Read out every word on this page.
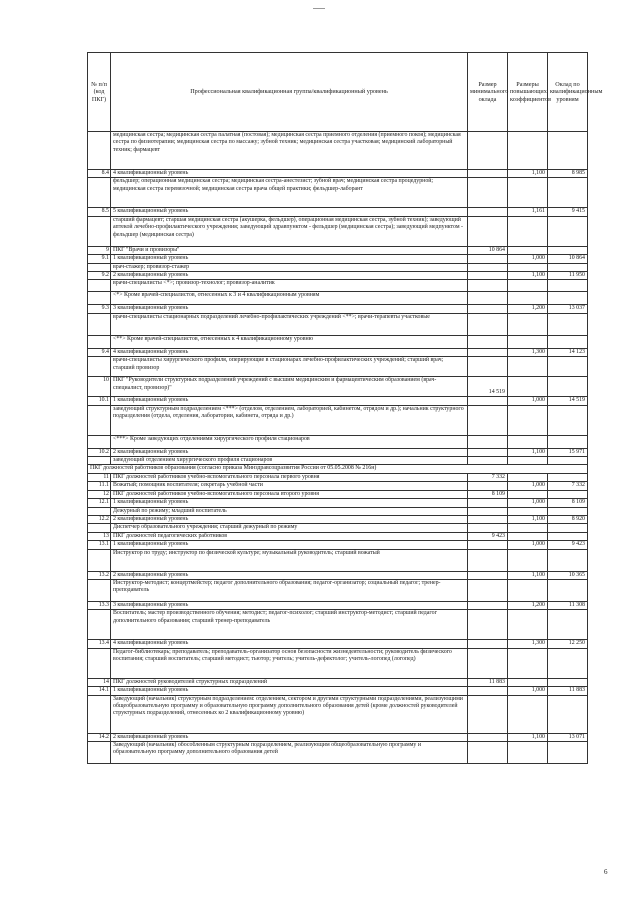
№ п/п (код ПКГ)	Профессиональная квалификационная группа/квалификационный уровень	Размер минимального оклада	Размеры повышающих коэффициентов	Оклад по квалификационным уровням
	медицинская сестра; медицинская сестра палатная (постовая); медицинская сестра приемного отделения (приемного покоя); медицинская сестра по физиотерапии; медицинская сестра по массажу; зубной техник; медицинская сестра участковая; медицинский лабораторный техник; фармацевт			
8.4	4 квалификационный уровень		1,100	8 985
	фельдшер; операционная медицинская сестра; медицинская сестра-анестезист; зубной врач; медицинская сестра процедурной; медицинская сестра перевязочной; медицинская сестра врача общей практики; фельдшер-лаборант			
8.5	5 квалификационный уровень		1,161	9 415
	старший фармацевт; старшая медицинская сестра (акушерка, фельдшер), операционная медицинская сестра, зубной техник); заведующий аптекой лечебно-профилактического учреждения; заведующий здравпунктом - фельдшер (медицинская сестра); заведующий медпунктом - фельдшер (медицинская сестра)			
9	ПКГ "Врачи и провизоры"	10 864		
9.1	1 квалификационный уровень		1,000	10 864
	врач-стажер; провизор-стажер			
9.2	2 квалификационный уровень		1,100	11 950
	врачи-специалисты <*>; провизор-технолог; провизор-аналитик			
	<*> Кроме врачей-специалистов, отнесенных к 3 и 4 квалификационным уровням			
9.3	3 квалификационный уровень		1,200	13 037
	врачи-специалисты стационарных подразделений лечебно-профилактических учреждений <**>; врачи-терапевты участковые			
	<**> Кроме врачей-специалистов, отнесенных к 4 квалификационному уровню			
9.4	4 квалификационный уровень		1,300	14 123
	врачи-специалисты хирургического профиля, оперирующие в стационарах лечебно-профилактических учреждений; старший врач; старший провизор			
10	ПКГ "Руководители структурных подразделений учреждений с высшим медицинским и фармацевтическим образованием (врач-специалист, провизор)"	14 519		
10.1	1 квалификационный уровень		1,000	14 519
	заведующий структурным подразделением <***> (отделом, отделением, лабораторией, кабинетом, отрядом и др.); начальник структурного подразделения (отдела, отделения, лаборатории, кабинета, отряда и др.)			
	<***> Кроме заведующих отделениями хирургического профиля стационаров			
10.2	2 квалификационный уровень		1,100	15 971
	заведующий отделением хирургического профиля стационаров			
ПКГ должностей работников образования (согласно приказа Минздравсоцразвития России от 05.05.2008 № 216н)				
11	ПКГ должностей работников учебно-вспомогательного персонала первого уровня	7 332		
11.1	Вожатый; помощник воспитателя; секретарь учебной части		1,000	7 332
12	ПКГ должностей работников учебно-вспомогательного персонала второго уровня	8 109		
12.1	1 квалификационный уровень		1,000	8 109
	Дежурный по режиму; младший воспитатель			
12.2	2 квалификационный уровень		1,100	8 920
	Диспетчер образовательного учреждения; старший дежурный по режиму			
13	ПКГ должностей педагогических работников	9 423		
13.1	1 квалификационный уровень		1,000	9 423
	Инструктор по труду; инструктор по физической культуре; музыкальный руководитель; старший вожатый			
13.2	2 квалификационный уровень		1,100	10 365
	Инструктор-методист; концертмейстер; педагог дополнительного образования; педагог-организатор; социальный педагог; тренер-преподаватель			
13.3	3 квалификационный уровень		1,200	11 308
	Воспитатель; мастер производственного обучения; методист; педагог-психолог; старший инструктор-методист; старший педагог дополнительного образования; старший тренер-преподаватель			
13.4	4 квалификационный уровень		1,300	12 250
	Педагог-библиотекарь; преподаватель; преподаватель-организатор основ безопасности жизнедеятельности; руководитель физического воспитания; старший воспитатель; старший методист; тьютор; учитель; учитель-дефектолог; учитель-логопед (логопед)			
14	ПКГ должностей руководителей структурных подразделений	11 883		
14.1	1 квалификационный уровень		1,000	11 883
	Заведующий (начальник) структурным подразделением: отделением, сектором и другими структурными подразделениями, реализующими общеобразовательную программу и образовательную программу дополнительного образования детей (кроме должностей руководителей структурных подразделений, отнесенных ко 2 квалификационному уровню)			
14.2	2 квалификационный уровень		1,100	13 071
	Заведующий (начальник) обособленным структурным подразделением, реализующим общеобразовательную программу и образовательную программу дополнительного образования детей			
6
